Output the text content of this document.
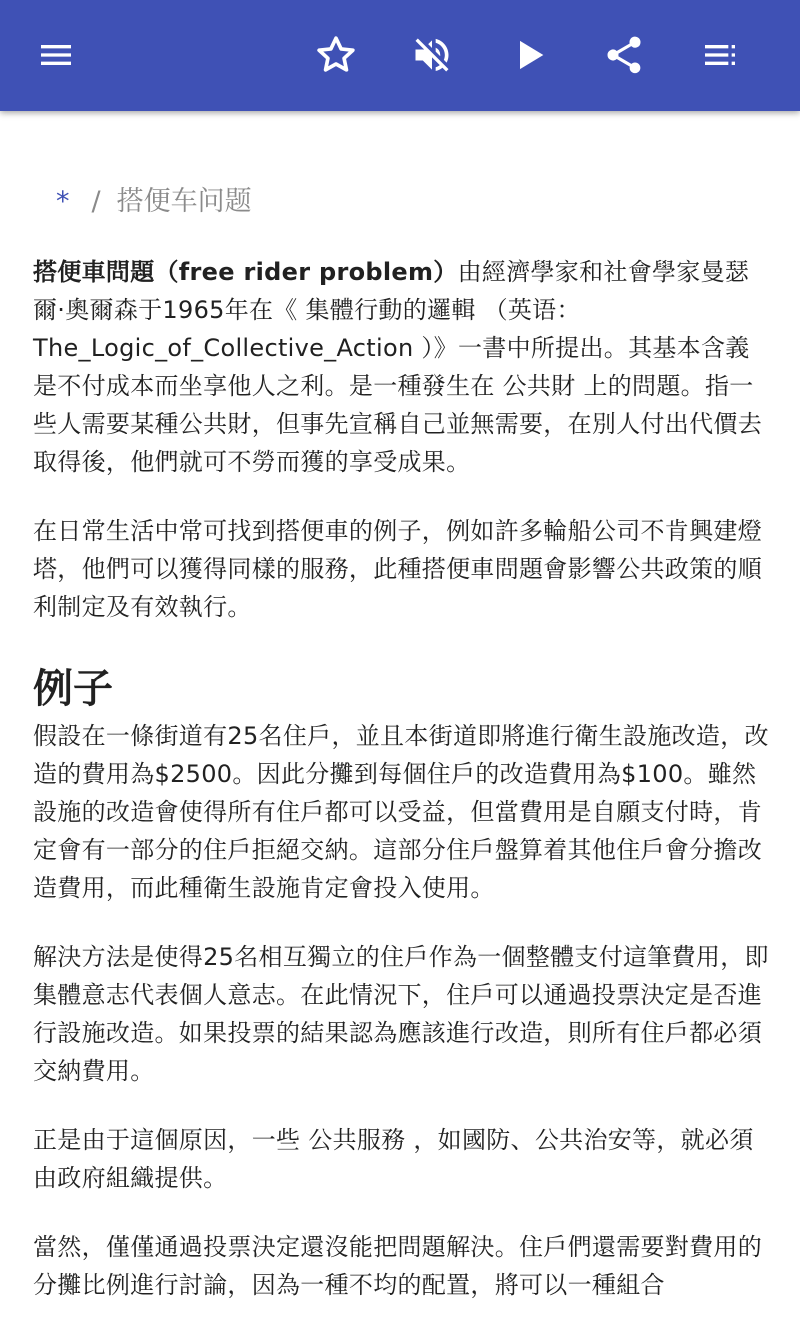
* / 搭便车问题

搭便車問題（free rider problem）由經濟學家和社會學家曼瑟爾·奧爾森于1965年在《 集體行動的邏輯 （英语：The_Logic_of_Collective_Action ）》一書中所提出。其基本含義是不付成本而坐享他人之利。是一種發生在 公共財 上的問題。指一些人需要某種公共財，但事先宣稱自己並無需要，在別人付出代價去取得後，他們就可不勞而獲的享受成果。

在日常生活中常可找到搭便車的例子，例如許多輪船公司不肯興建燈塔，他們可以獲得同樣的服務，此種搭便車問題會影響公共政策的順利制定及有效執行。

例子

假設在一條街道有25名住戶，並且本街道即將進行衛生設施改造，改造的費用為$2500。因此分攤到每個住戶的改造費用為$100。雖然設施的改造會使得所有住戶都可以受益，但當費用是自願支付時，肯定會有一部分的住戶拒絕交納。這部分住戶盤算着其他住戶會分擔改造費用，而此種衛生設施肯定會投入使用。

解決方法是使得25名相互獨立的住戶作為一個整體支付這筆費用，即集體意志代表個人意志。在此情況下，住戶可以通過投票決定是否進行設施改造。如果投票的結果認為應該進行改造，則所有住戶都必須交納費用。

正是由于這個原因，一些 公共服務 ，如國防、公共治安等，就必須由政府組織提供。

當然，僅僅通過投票決定還沒能把問題解決。住戶們還需要對費用的分攤比例進行討論，因為一種不均的配置，將可以一種組合
